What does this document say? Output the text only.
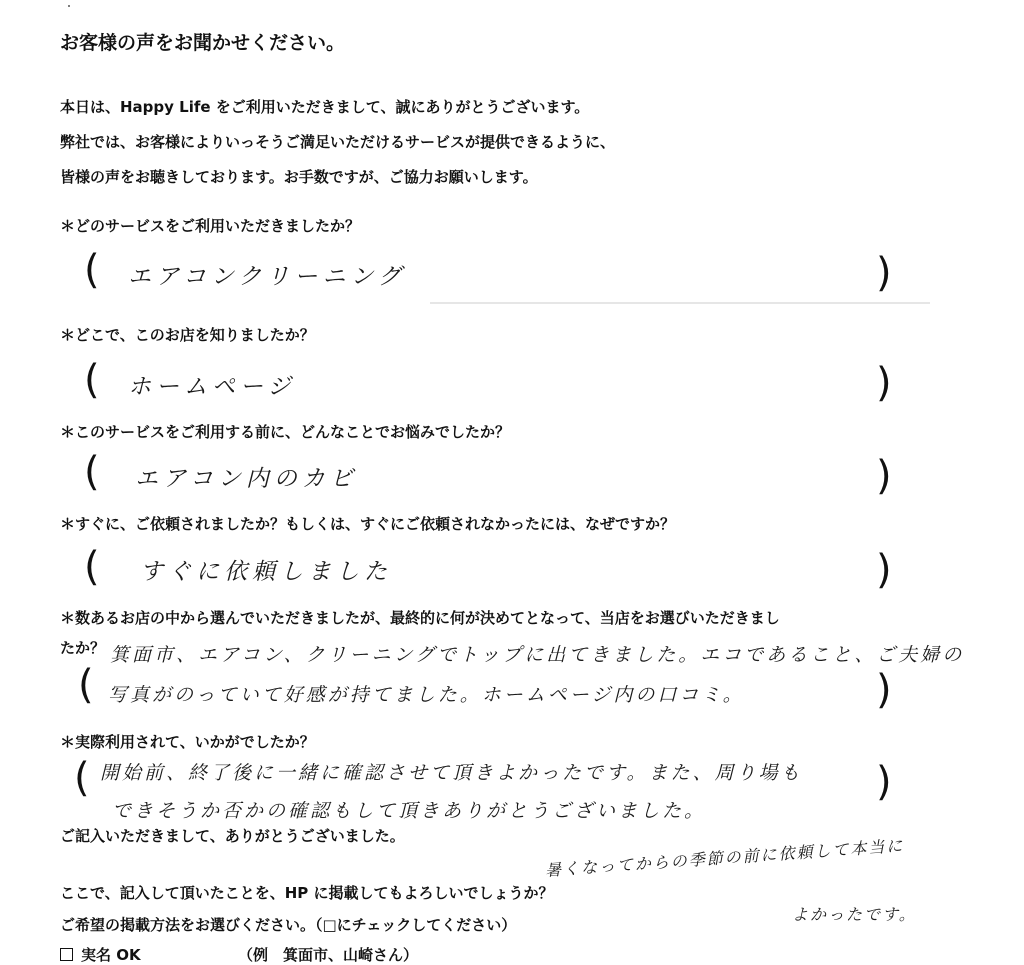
お客様の声をお聞かせください。
本日は、Happy Life をご利用いただきまして、誠にありがとうございます。
弊社では、お客様によりいっそうご満足いただけるサービスが提供できるように、
皆様の声をお聴きしております。お手数ですが、ご協力お願いします。
＊どのサービスをご利用いただきましたか？
(	)
エアコンクリーニング
＊どこで、このお店を知りましたか？
(	)
ホームページ
＊このサービスをご利用する前に、どんなことでお悩みでしたか？
(	)
エアコン内のカビ
＊すぐに、ご依頼されましたか？もしくは、すぐにご依頼されなかったには、なぜですか？
(	)
すぐに依頼しました
＊数あるお店の中から選んでいただきましたが、最終的に何が決めてとなって、当店をお選びいただきまし
たか？
(	)
箕面市、エアコン、クリーニングでトップに出てきました。エコであること、ご夫婦の
写真がのっていて好感が持てました。ホームページ内の口コミ。
＊実際利用されて、いかがでしたか？
(	)
開始前、終了後に一緒に確認させて頂きよかったです。また、周り場も
できそうか否かの確認もして頂きありがとうございました。
ご記入いただきまして、ありがとうございました。	暑くなってからの季節の前に依頼して本当に
よかったです。
ここで、記入して頂いたことを、HP に掲載してもよろしいでしょうか？
ご希望の掲載方法をお選びください。（□にチェックしてください）
実名 OK	（例　箕面市、山崎さん）
